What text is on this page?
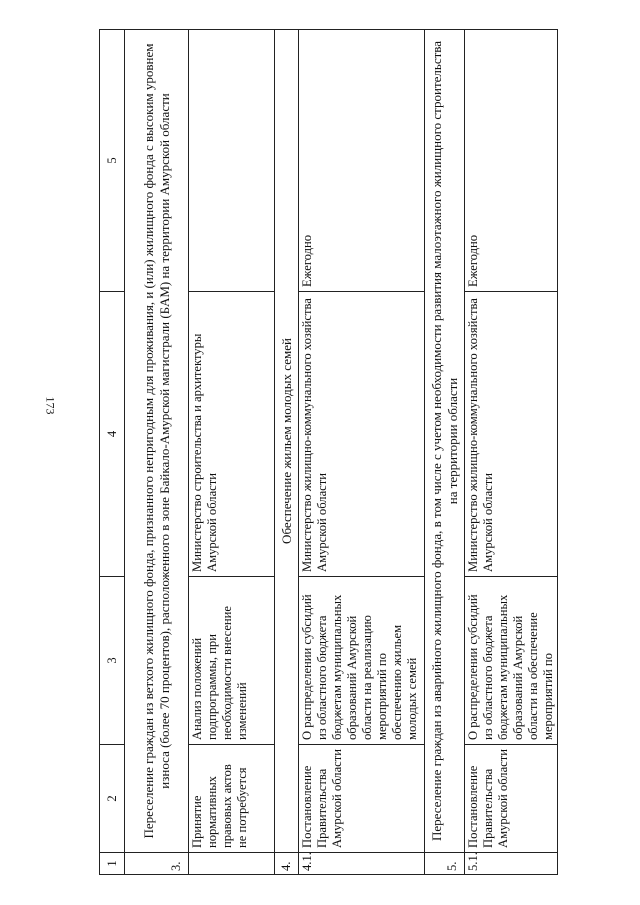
173
1	2	3	4	5
3.	Переселение граждан из ветхого жилищного фонда, признанного непригодным для проживания, и (или) жилищного фонда с высоким уровнем износа (более 70 процентов), расположенного в зоне Байкало-Амурской магистрали (БАМ) на территории Амурской области			
	Принятие нормативных правовых актов не потребуется	Анализ положений подпрограммы, при необходимости внесение изменений	Министерство строительства и архитектуры Амурской области	
4.	Обеспечение жильем молодых семей			
4.1.	Постановление Правительства Амурской области	О распределении субсидий из областного бюджета бюджетам муниципальных образований Амурской области на реализацию мероприятий по обеспечению жильем молодых семей	Министерство жилищно-коммунального хозяйства Амурской области	Ежегодно
5.	Переселение граждан из аварийного жилищного фонда, в том числе с учетом необходимости развития малоэтажного жилищного строительства на территории области			
5.1.	Постановление Правительства Амурской области	О распределении субсидий из областного бюджета бюджетам муниципальных образований Амурской области на обеспечение мероприятий по	Министерство жилищно-коммунального хозяйства Амурской области	Ежегодно
